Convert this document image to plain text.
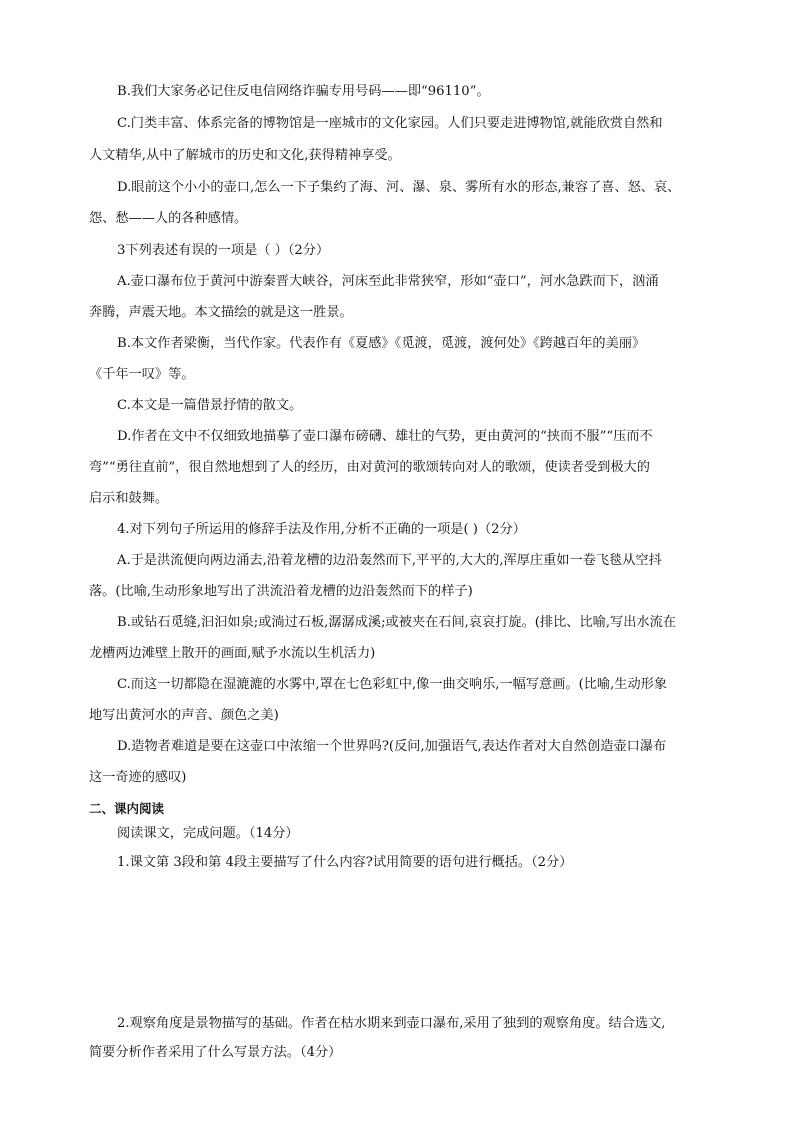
B.我们大家务必记住反电信网络诈骗专用号码——即“96110”。
C.门类丰富、体系完备的博物馆是一座城市的文化家园。人们只要走进博物馆,就能欣赏自然和
人文精华,从中了解城市的历史和文化,获得精神享受。
D.眼前这个小小的壶口,怎么一下子集约了海、河、瀑、泉、雾所有水的形态,兼容了喜、怒、哀、
怨、愁——人的各种感情。
3下列表述有误的一项是（ ）（2分）
A.壶口瀑布位于黄河中游秦晋大峡谷，河床至此非常狭窄，形如“壶口”，河水急跌而下，汹涌
奔腾，声震天地。本文描绘的就是这一胜景。
B.本文作者梁衡，当代作家。代表作有《夏感》《觅渡，觅渡，渡何处》《跨越百年的美丽》
《千年一叹》等。
C.本文是一篇借景抒情的散文。
D.作者在文中不仅细致地描摹了壶口瀑布磅礴、雄壮的气势，更由黄河的“挟而不服”“压而不
弯”“勇往直前”，很自然地想到了人的经历，由对黄河的歌颂转向对人的歌颂，使读者受到极大的
启示和鼓舞。
4.对下列句子所运用的修辞手法及作用,分析不正确的一项是( )（2分）
A.于是洪流便向两边涌去,沿着龙槽的边沿轰然而下,平平的,大大的,浑厚庄重如一卷飞毯从空抖
落。(比喻,生动形象地写出了洪流沿着龙槽的边沿轰然而下的样子)
B.或钻石觅缝,汩汩如泉;或淌过石板,潺潺成溪;或被夹在石间,哀哀打旋。(排比、比喻,写出水流在
龙槽两边滩壁上散开的画面,赋予水流以生机活力)
C.而这一切都隐在湿漉漉的水雾中,罩在七色彩虹中,像一曲交响乐,一幅写意画。(比喻,生动形象
地写出黄河水的声音、颜色之美)
D.造物者难道是要在这壶口中浓缩一个世界吗?(反问,加强语气,表达作者对大自然创造壶口瀑布
这一奇迹的感叹)
二、课内阅读
阅读课文，完成问题。（14分）
1.课文第 3段和第 4段主要描写了什么内容?试用简要的语句进行概括。（2分）
2.观察角度是景物描写的基础。作者在枯水期来到壶口瀑布,采用了独到的观察角度。结合选文,
简要分析作者采用了什么写景方法。（4分）
